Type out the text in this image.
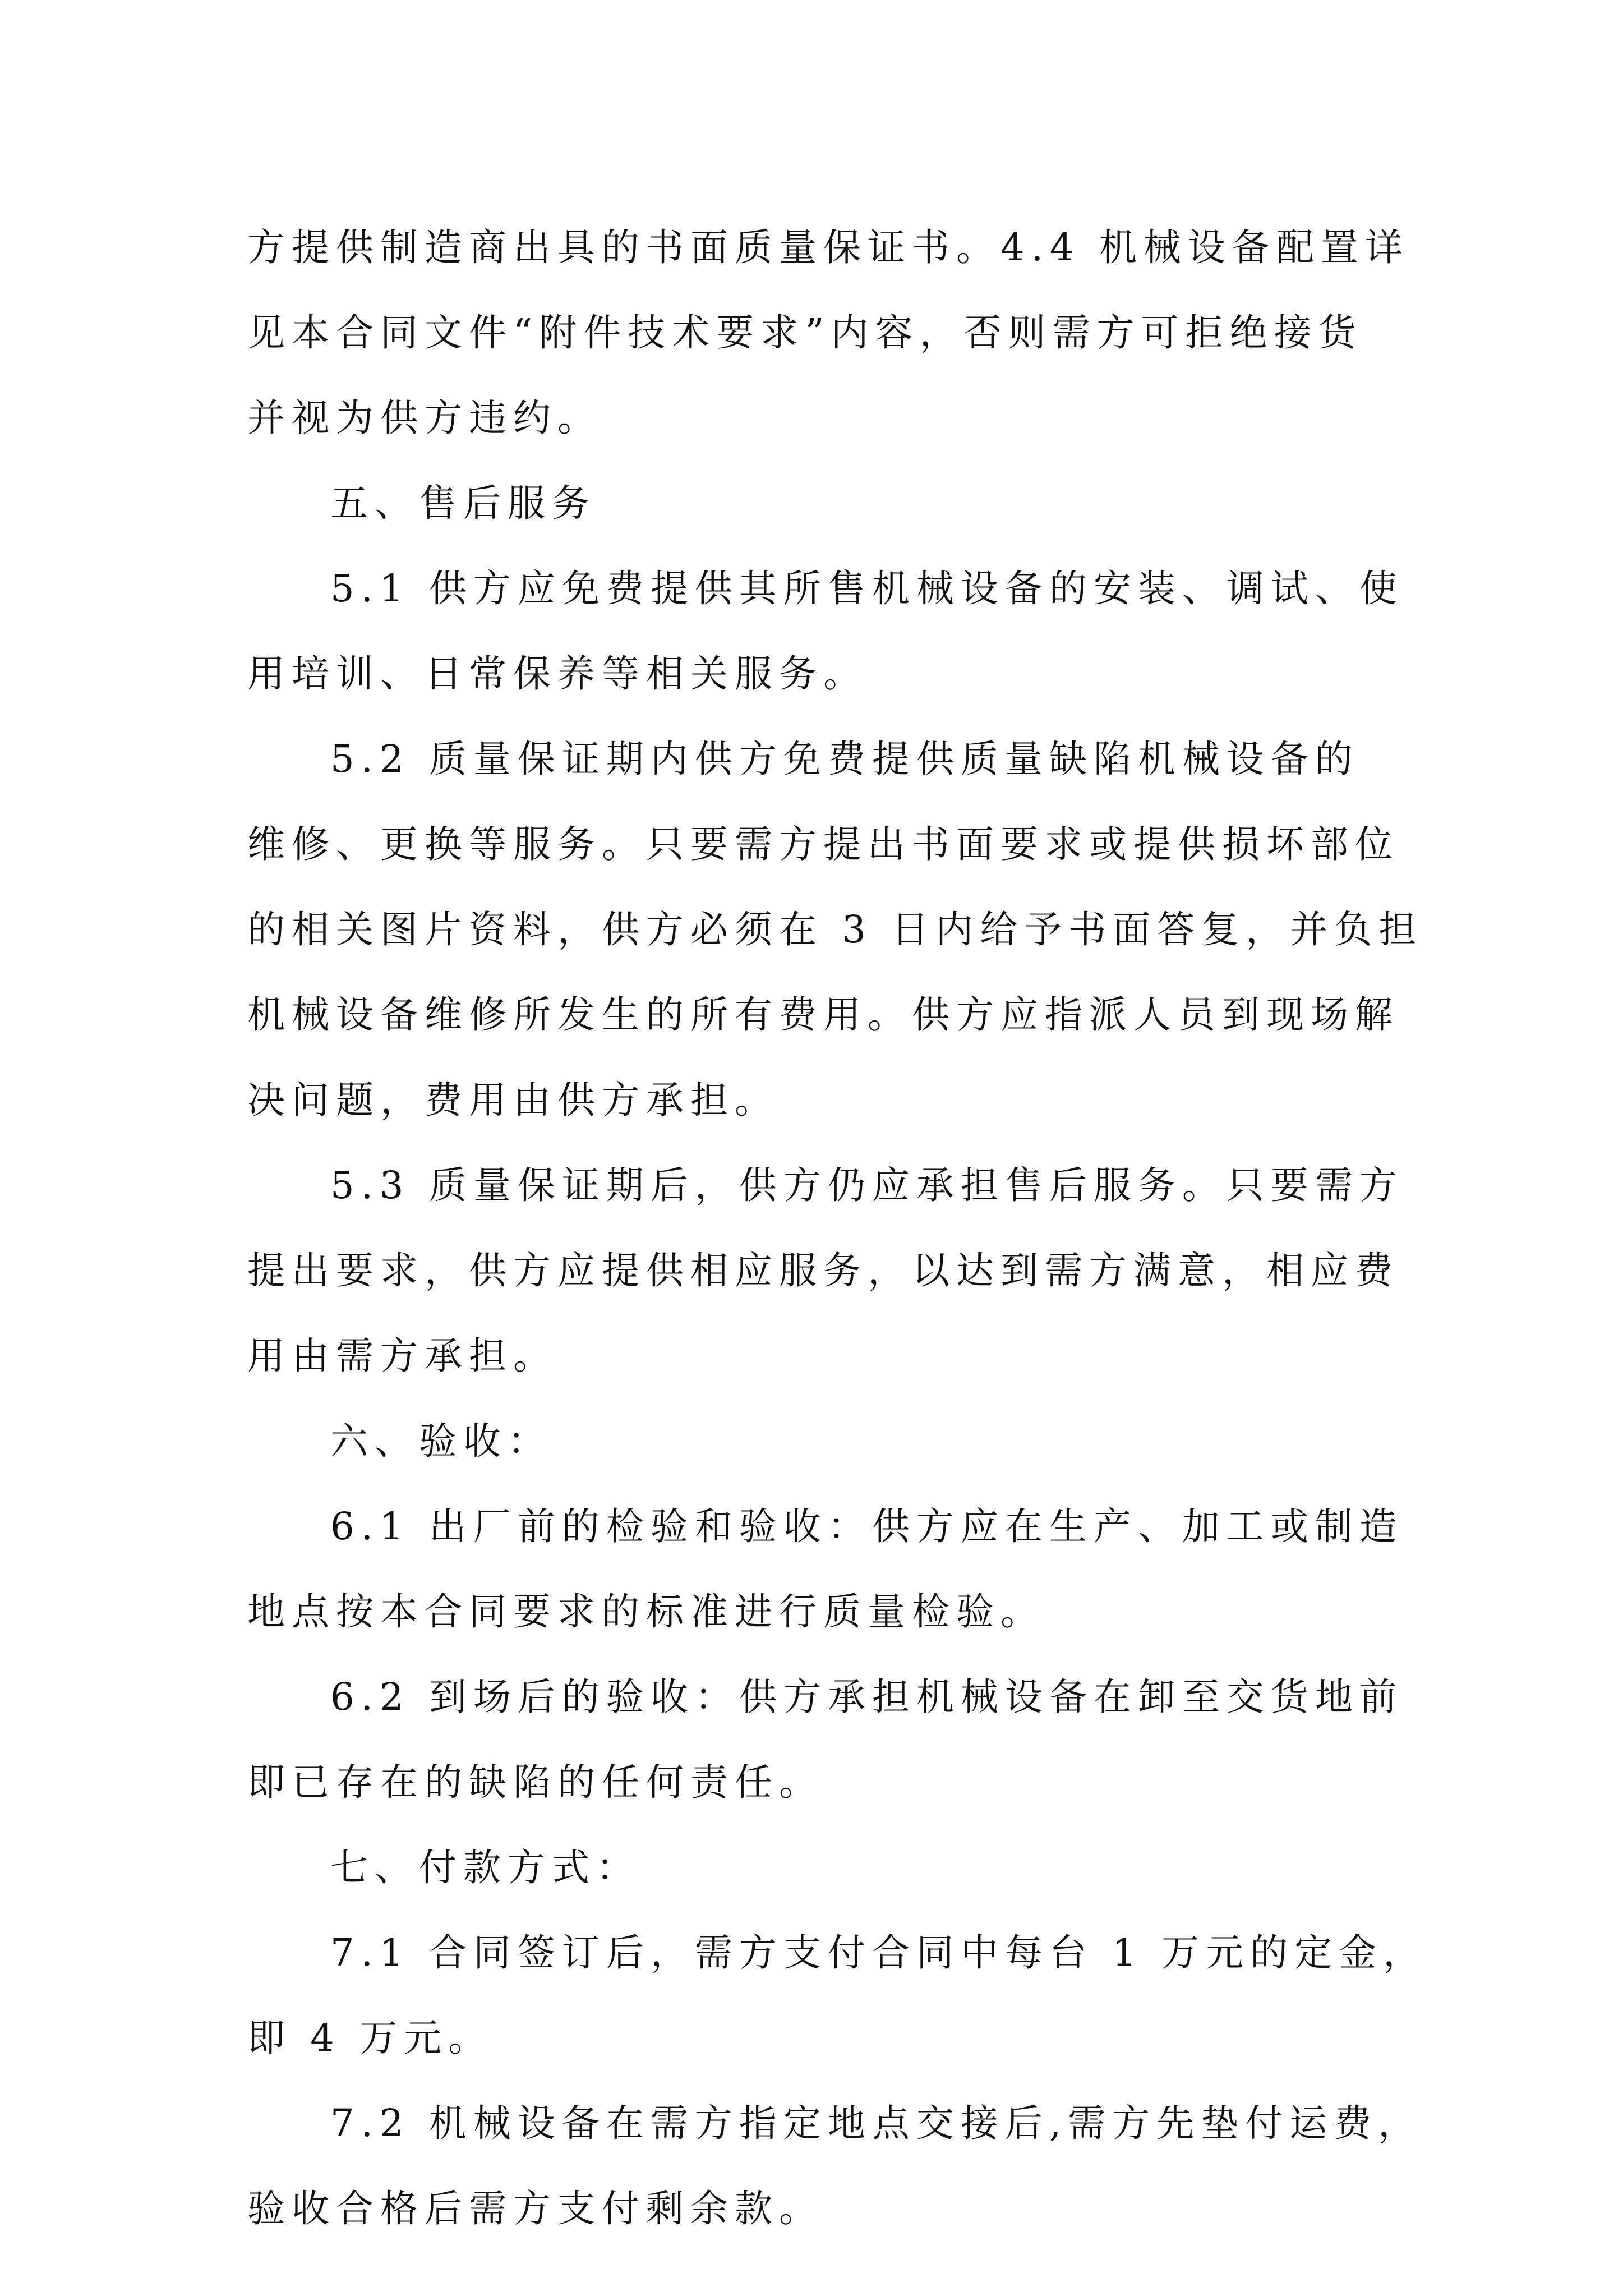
方提供制造商出具的书面质量保证书。4.4 机械设备配置详
见本合同文件“附件技术要求”内容，否则需方可拒绝接货
并视为供方违约。
五、售后服务
5.1 供方应免费提供其所售机械设备的安装、调试、使
用培训、日常保养等相关服务。
5.2 质量保证期内供方免费提供质量缺陷机械设备的
维修、更换等服务。只要需方提出书面要求或提供损坏部位
的相关图片资料，供方必须在 3 日内给予书面答复，并负担
机械设备维修所发生的所有费用。供方应指派人员到现场解
决问题，费用由供方承担。
5.3 质量保证期后，供方仍应承担售后服务。只要需方
提出要求，供方应提供相应服务，以达到需方满意，相应费
用由需方承担。
六、验收：
6.1 出厂前的检验和验收：供方应在生产、加工或制造
地点按本合同要求的标准进行质量检验。
6.2 到场后的验收：供方承担机械设备在卸至交货地前
即已存在的缺陷的任何责任。
七、付款方式：
7.1 合同签订后，需方支付合同中每台 1 万元的定金，
即 4 万元。
7.2 机械设备在需方指定地点交接后,需方先垫付运费，
验收合格后需方支付剩余款。
